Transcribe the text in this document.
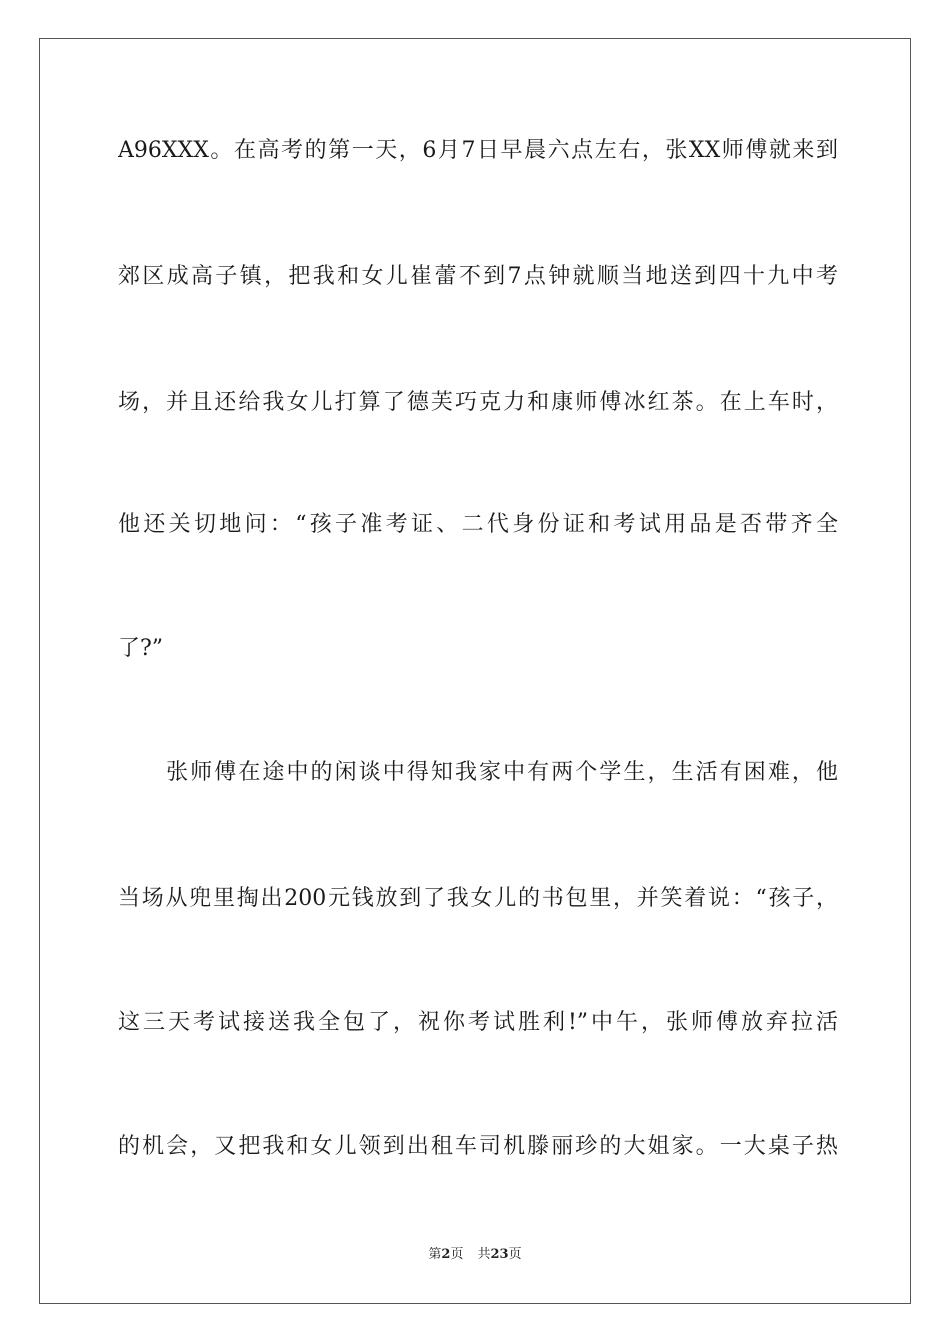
A96XXX。在高考的第一天，6月7日早晨六点左右，张XX师傅就来到
郊区成高子镇，把我和女儿崔蕾不到7点钟就顺当地送到四十九中考
场，并且还给我女儿打算了德芙巧克力和康师傅冰红茶。在上车时，
他还关切地问：“孩子准考证、二代身份证和考试用品是否带齐全
了?”
　　张师傅在途中的闲谈中得知我家中有两个学生，生活有困难，他
当场从兜里掏出200元钱放到了我女儿的书包里，并笑着说：“孩子，
这三天考试接送我全包了，祝你考试胜利!”中午，张师傅放弃拉活
的机会，又把我和女儿领到出租车司机滕丽珍的大姐家。一大桌子热
第2页 共23页
